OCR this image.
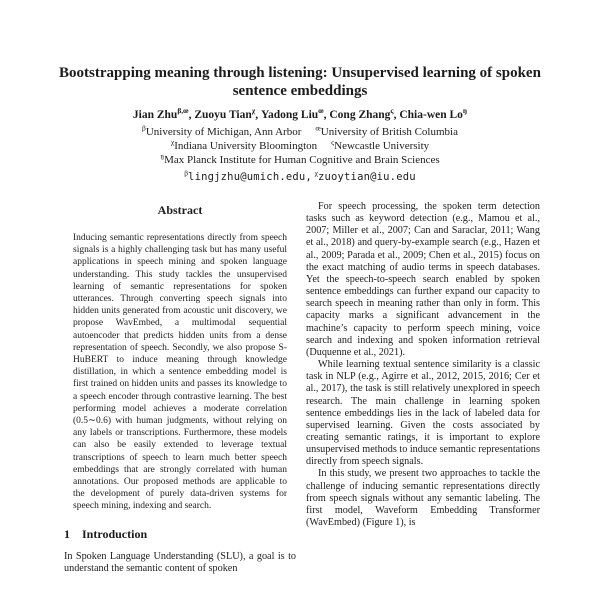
Bootstrapping meaning through listening: Unsupervised learning of spoken sentence embeddings
Jian Zhu$^{\beta,œ}$, Zuoyu Tian$^\chi$, Yadong Liu$^œ$, Cong Zhang$^\varsigma$, Chia-wen $Lo^ŋ$
$^\beta$University of Michigan, Ann Arbor $^œ$University of British Columbia
$^\chi$Indiana University Bloomington $^\varsigma$Newcastle University
$^ŋ$Max Planck Institute for Human Cognitive and Brain Sciences
$^\beta$lingjzhu@umich.edu, $^\chi$zuoytian@iu.edu
Abstract

Inducing semantic representations directly from speech signals is a highly challenging task but has many useful applications in speech mining and spoken language understanding. This study tackles the unsupervised learning of semantic representations for spoken utterances. Through converting speech signals into hidden units generated from acoustic unit discovery, we propose WavEmbed, a multimodal sequential autoencoder that predicts hidden units from a dense representation of speech. Secondly, we also propose S-HuBERT to induce meaning through knowledge distillation, in which a sentence embedding model is first trained on hidden units and passes its knowledge to a speech encoder through contrastive learning. The best performing model achieves a moderate correlation (0.5∼0.6) with human judgments, without relying on any labels or transcriptions. Furthermore, these models can also be easily extended to leverage textual transcriptions of speech to learn much better speech embeddings that are strongly correlated with human annotations. Our proposed methods are applicable to the development of purely data-driven systems for speech mining, indexing and search.

1 Introduction

In Spoken Language Understanding (SLU), a goal is to understand the semantic content of spoken

For speech processing, the spoken term detection tasks such as keyword detection (e.g., Mamou et al., 2007; Miller et al., 2007; Can and Saraclar, 2011; Wang et al., 2018) and query-by-example search (e.g., Hazen et al., 2009; Parada et al., 2009; Chen et al., 2015) focus on the exact matching of audio terms in speech databases. Yet the speech-to-speech search enabled by spoken sentence embeddings can further expand our capacity to search speech in meaning rather than only in form. This capacity marks a significant advancement in the machine’s capacity to perform speech mining, voice search and indexing and spoken information retrieval (Duquenne et al., 2021).

While learning textual sentence similarity is a classic task in NLP (e.g., Agirre et al., 2012, 2015, 2016; Cer et al., 2017), the task is still relatively unexplored in speech research. The main challenge in learning spoken sentence embeddings lies in the lack of labeled data for supervised learning. Given the costs associated by creating semantic ratings, it is important to explore unsupervised methods to induce semantic representations directly from speech signals.

In this study, we present two approaches to tackle the challenge of inducing semantic representations directly from speech signals without any semantic labeling. The first model, Waveform Embedding Transformer (WavEmbed) (Figure 1), is
